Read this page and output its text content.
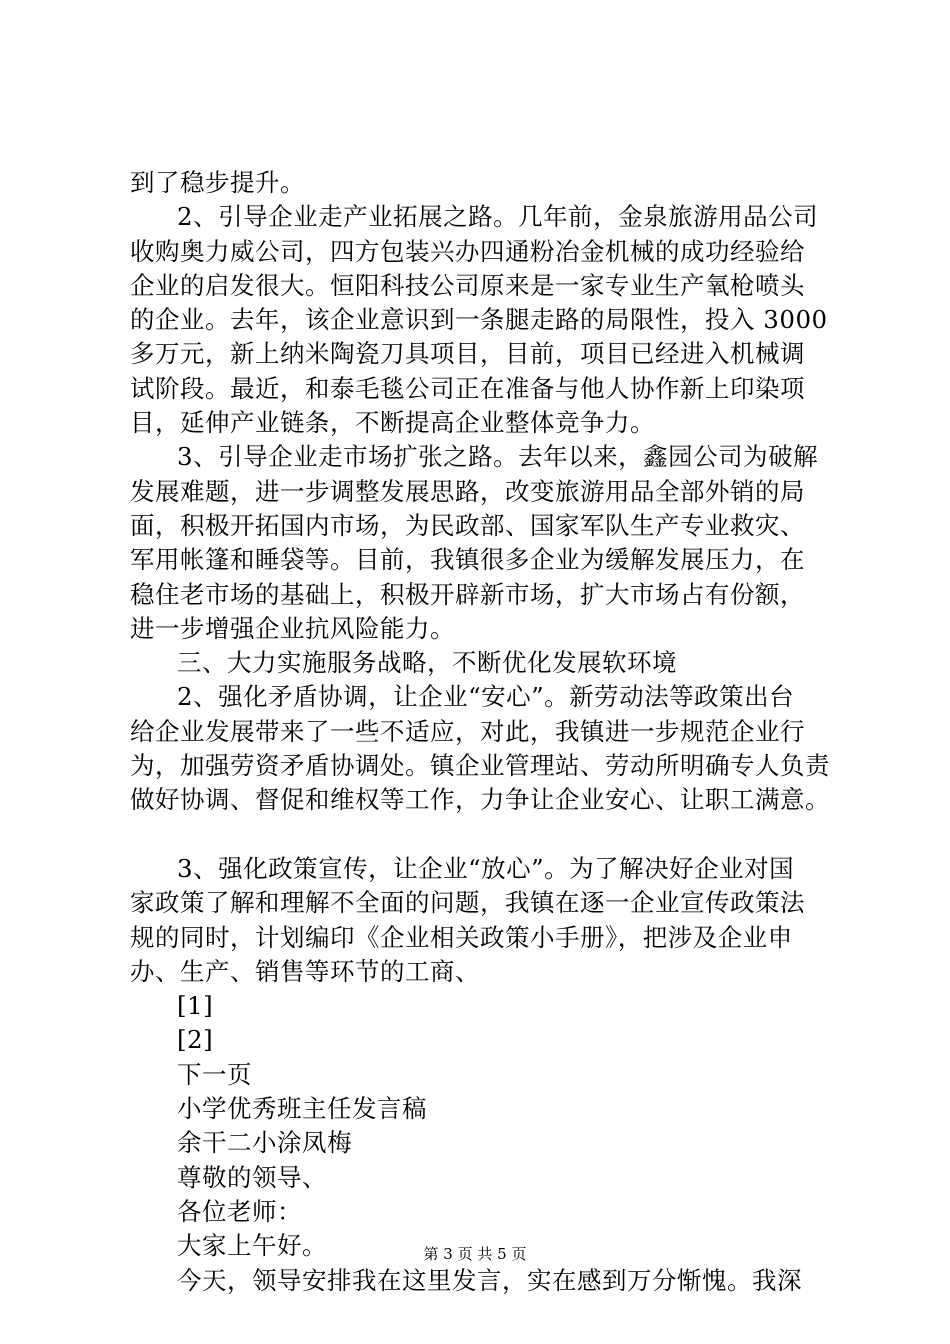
到了稳步提升。
2、引导企业走产业拓展之路。几年前，金泉旅游用品公司
收购奥力威公司，四方包装兴办四通粉冶金机械的成功经验给
企业的启发很大。恒阳科技公司原来是一家专业生产氧枪喷头
的企业。去年，该企业意识到一条腿走路的局限性，投入 3000
多万元，新上纳米陶瓷刀具项目，目前，项目已经进入机械调
试阶段。最近，和泰毛毯公司正在准备与他人协作新上印染项
目，延伸产业链条，不断提高企业整体竞争力。
3、引导企业走市场扩张之路。去年以来，鑫园公司为破解
发展难题，进一步调整发展思路，改变旅游用品全部外销的局
面，积极开拓国内市场，为民政部、国家军队生产专业救灾、
军用帐篷和睡袋等。目前，我镇很多企业为缓解发展压力，在
稳住老市场的基础上，积极开辟新市场，扩大市场占有份额，
进一步增强企业抗风险能力。
三、大力实施服务战略，不断优化发展软环境
2、强化矛盾协调，让企业“安心”。新劳动法等政策出台
给企业发展带来了一些不适应，对此，我镇进一步规范企业行
为，加强劳资矛盾协调处。镇企业管理站、劳动所明确专人负责
做好协调、督促和维权等工作，力争让企业安心、让职工满意。
3、强化政策宣传，让企业“放心”。为了解决好企业对国
家政策了解和理解不全面的问题，我镇在逐一企业宣传政策法
规的同时，计划编印《企业相关政策小手册》，把涉及企业申
办、生产、销售等环节的工商、
[1]
[2]
下一页
小学优秀班主任发言稿
余干二小涂凤梅
尊敬的领导、
各位老师：
大家上午好。
今天，领导安排我在这里发言，实在感到万分惭愧。我深
第 3 页 共 5 页
